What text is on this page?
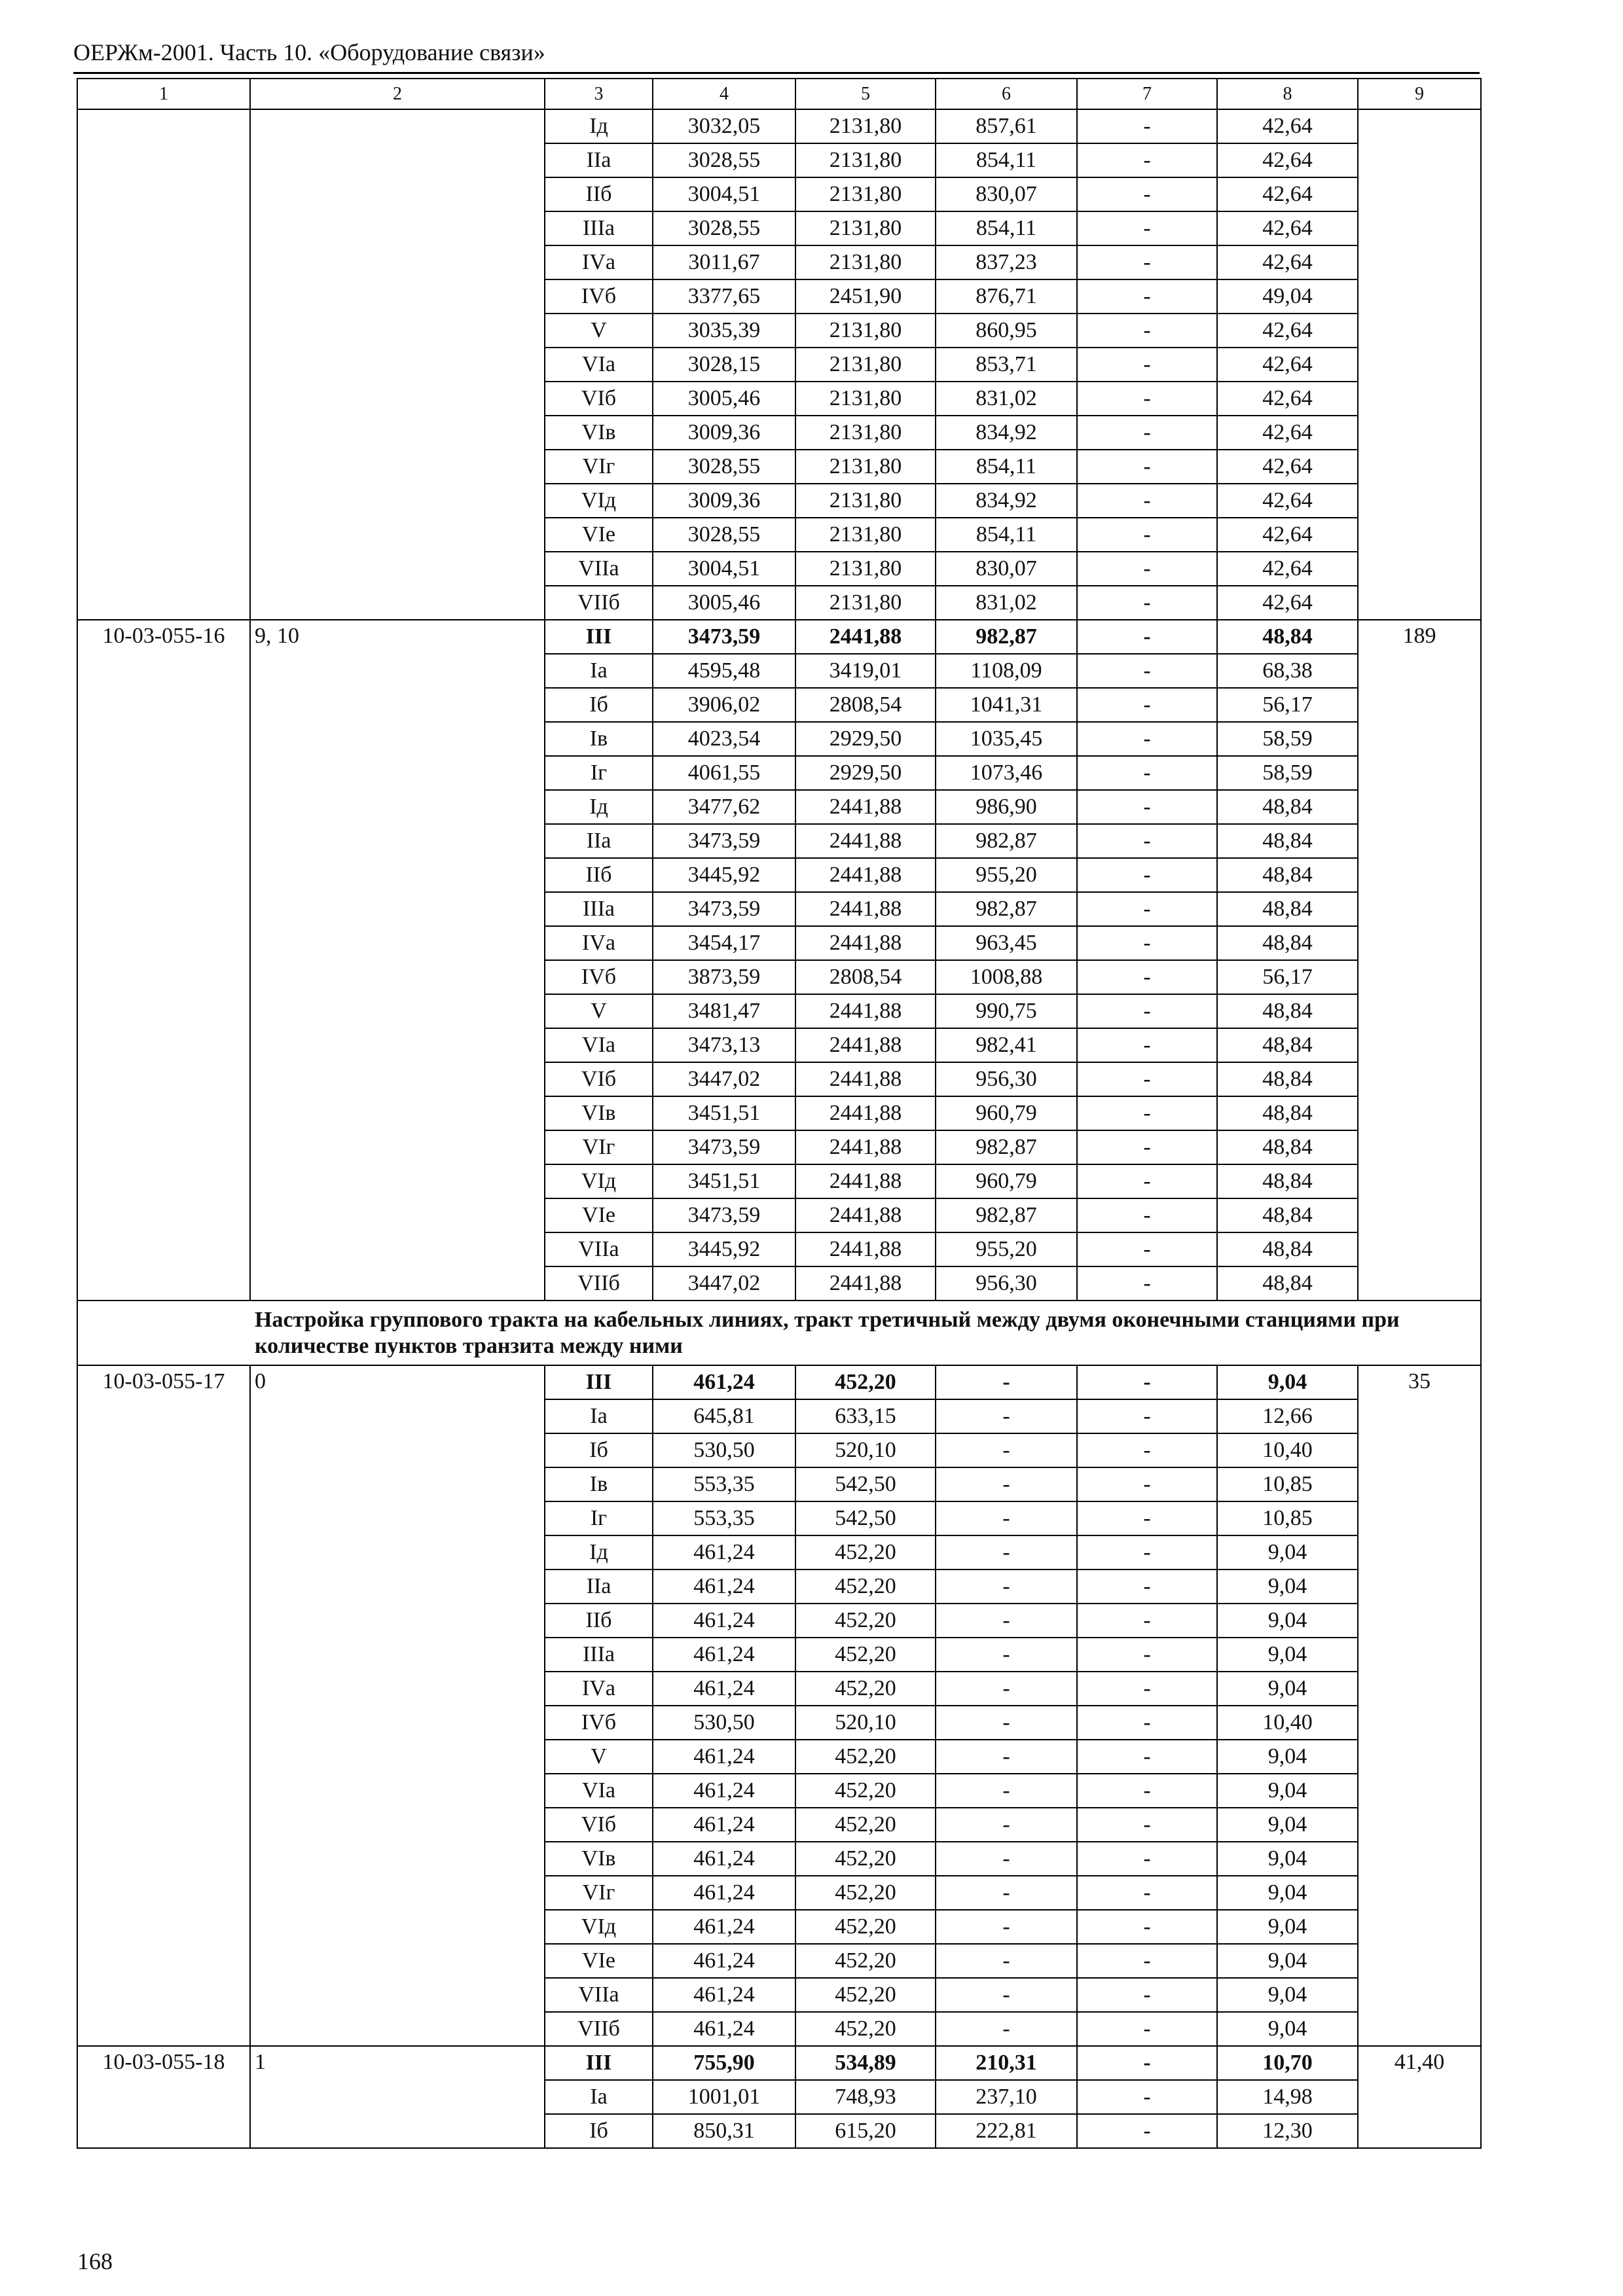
ОЕРЖм-2001. Часть 10. «Оборудование связи»
1	2	3	4	5	6	7	8	9
		Iд	3032,05	2131,80	857,61	-	42,64	
		IIа	3028,55	2131,80	854,11	-	42,64	
		IIб	3004,51	2131,80	830,07	-	42,64	
		IIIа	3028,55	2131,80	854,11	-	42,64	
		IVа	3011,67	2131,80	837,23	-	42,64	
		IVб	3377,65	2451,90	876,71	-	49,04	
		V	3035,39	2131,80	860,95	-	42,64	
		VIа	3028,15	2131,80	853,71	-	42,64	
		VIб	3005,46	2131,80	831,02	-	42,64	
		VIв	3009,36	2131,80	834,92	-	42,64	
		VIг	3028,55	2131,80	854,11	-	42,64	
		VIд	3009,36	2131,80	834,92	-	42,64	
		VIе	3028,55	2131,80	854,11	-	42,64	
		VIIа	3004,51	2131,80	830,07	-	42,64	
		VIIб	3005,46	2131,80	831,02	-	42,64	
10-03-055-16	9, 10	III	3473,59	2441,88	982,87	-	48,84	189
		Iа	4595,48	3419,01	1108,09	-	68,38	
		Iб	3906,02	2808,54	1041,31	-	56,17	
		Iв	4023,54	2929,50	1035,45	-	58,59	
		Iг	4061,55	2929,50	1073,46	-	58,59	
		Iд	3477,62	2441,88	986,90	-	48,84	
		IIа	3473,59	2441,88	982,87	-	48,84	
		IIб	3445,92	2441,88	955,20	-	48,84	
		IIIа	3473,59	2441,88	982,87	-	48,84	
		IVа	3454,17	2441,88	963,45	-	48,84	
		IVб	3873,59	2808,54	1008,88	-	56,17	
		V	3481,47	2441,88	990,75	-	48,84	
		VIа	3473,13	2441,88	982,41	-	48,84	
		VIб	3447,02	2441,88	956,30	-	48,84	
		VIв	3451,51	2441,88	960,79	-	48,84	
		VIг	3473,59	2441,88	982,87	-	48,84	
		VIд	3451,51	2441,88	960,79	-	48,84	
		VIе	3473,59	2441,88	982,87	-	48,84	
		VIIа	3445,92	2441,88	955,20	-	48,84	
		VIIб	3447,02	2441,88	956,30	-	48,84	
Настройка группового тракта на кабельных линиях, тракт третичный между двумя оконечными станциями при количестве пунктов транзита между ними								
10-03-055-17	0	III	461,24	452,20	-	-	9,04	35
		Iа	645,81	633,15	-	-	12,66	
		Iб	530,50	520,10	-	-	10,40	
		Iв	553,35	542,50	-	-	10,85	
		Iг	553,35	542,50	-	-	10,85	
		Iд	461,24	452,20	-	-	9,04	
		IIа	461,24	452,20	-	-	9,04	
		IIб	461,24	452,20	-	-	9,04	
		IIIа	461,24	452,20	-	-	9,04	
		IVа	461,24	452,20	-	-	9,04	
		IVб	530,50	520,10	-	-	10,40	
		V	461,24	452,20	-	-	9,04	
		VIа	461,24	452,20	-	-	9,04	
		VIб	461,24	452,20	-	-	9,04	
		VIв	461,24	452,20	-	-	9,04	
		VIг	461,24	452,20	-	-	9,04	
		VIд	461,24	452,20	-	-	9,04	
		VIе	461,24	452,20	-	-	9,04	
		VIIа	461,24	452,20	-	-	9,04	
		VIIб	461,24	452,20	-	-	9,04	
10-03-055-18	1	III	755,90	534,89	210,31	-	10,70	41,40
		Iа	1001,01	748,93	237,10	-	14,98	
		Iб	850,31	615,20	222,81	-	12,30	
168
